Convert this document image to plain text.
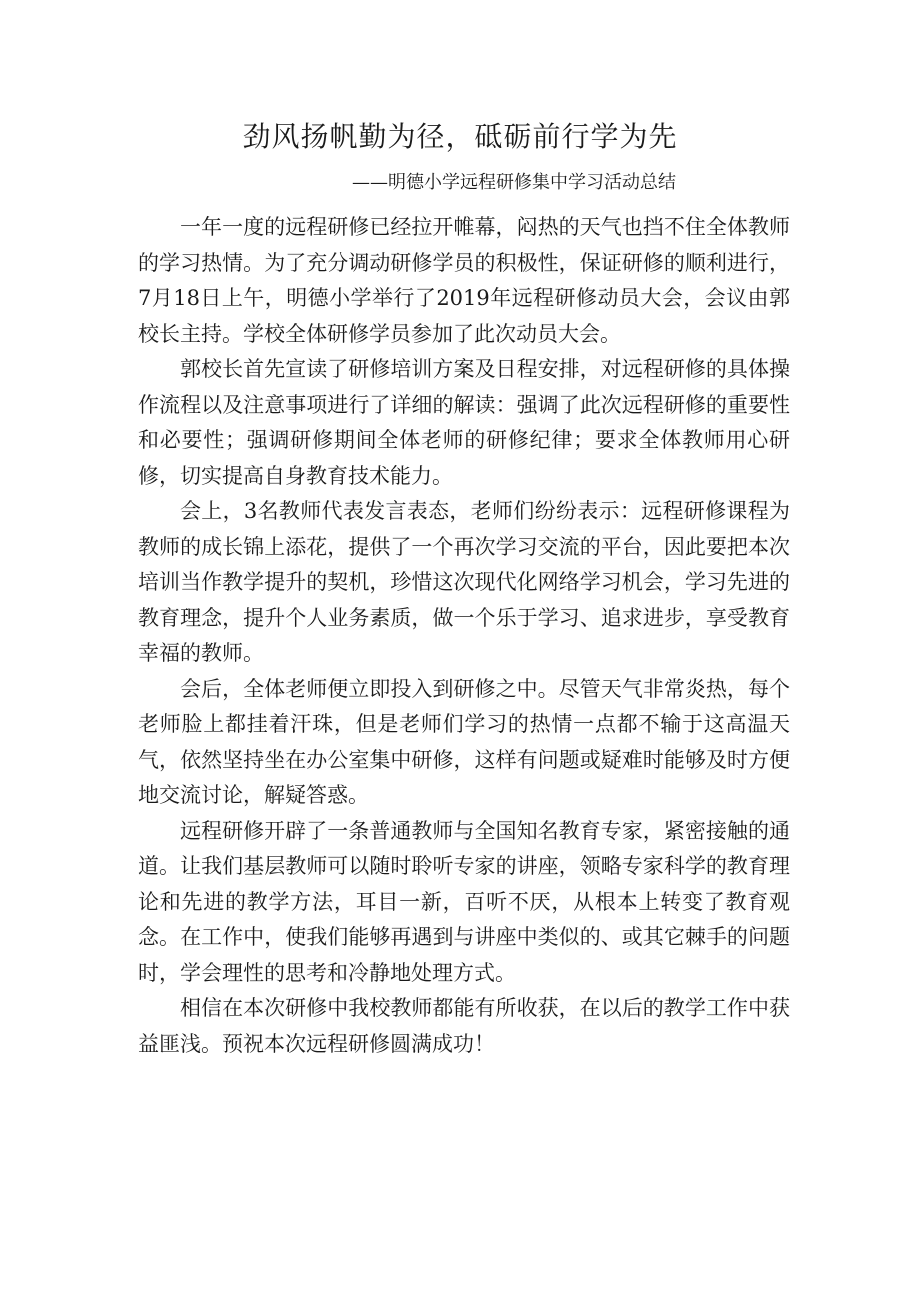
劲风扬帆勤为径，砥砺前行学为先
——明德小学远程研修集中学习活动总结

一年一度的远程研修已经拉开帷幕，闷热的天气也挡不住全体教师的学习热情。为了充分调动研修学员的积极性，保证研修的顺利进行，7月18日上午，明德小学举行了2019年远程研修动员大会，会议由郭校长主持。学校全体研修学员参加了此次动员大会。

郭校长首先宣读了研修培训方案及日程安排，对远程研修的具体操作流程以及注意事项进行了详细的解读：强调了此次远程研修的重要性和必要性；强调研修期间全体老师的研修纪律；要求全体教师用心研修，切实提高自身教育技术能力。

会上，3名教师代表发言表态，老师们纷纷表示：远程研修课程为教师的成长锦上添花，提供了一个再次学习交流的平台，因此要把本次培训当作教学提升的契机，珍惜这次现代化网络学习机会，学习先进的教育理念，提升个人业务素质，做一个乐于学习、追求进步，享受教育幸福的教师。

会后，全体老师便立即投入到研修之中。尽管天气非常炎热，每个老师脸上都挂着汗珠，但是老师们学习的热情一点都不输于这高温天气，依然坚持坐在办公室集中研修，这样有问题或疑难时能够及时方便地交流讨论，解疑答惑。

远程研修开辟了一条普通教师与全国知名教育专家，紧密接触的通道。让我们基层教师可以随时聆听专家的讲座，领略专家科学的教育理论和先进的教学方法，耳目一新，百听不厌，从根本上转变了教育观念。在工作中，使我们能够再遇到与讲座中类似的、或其它棘手的问题时，学会理性的思考和冷静地处理方式。

相信在本次研修中我校教师都能有所收获，在以后的教学工作中获益匪浅。预祝本次远程研修圆满成功！
